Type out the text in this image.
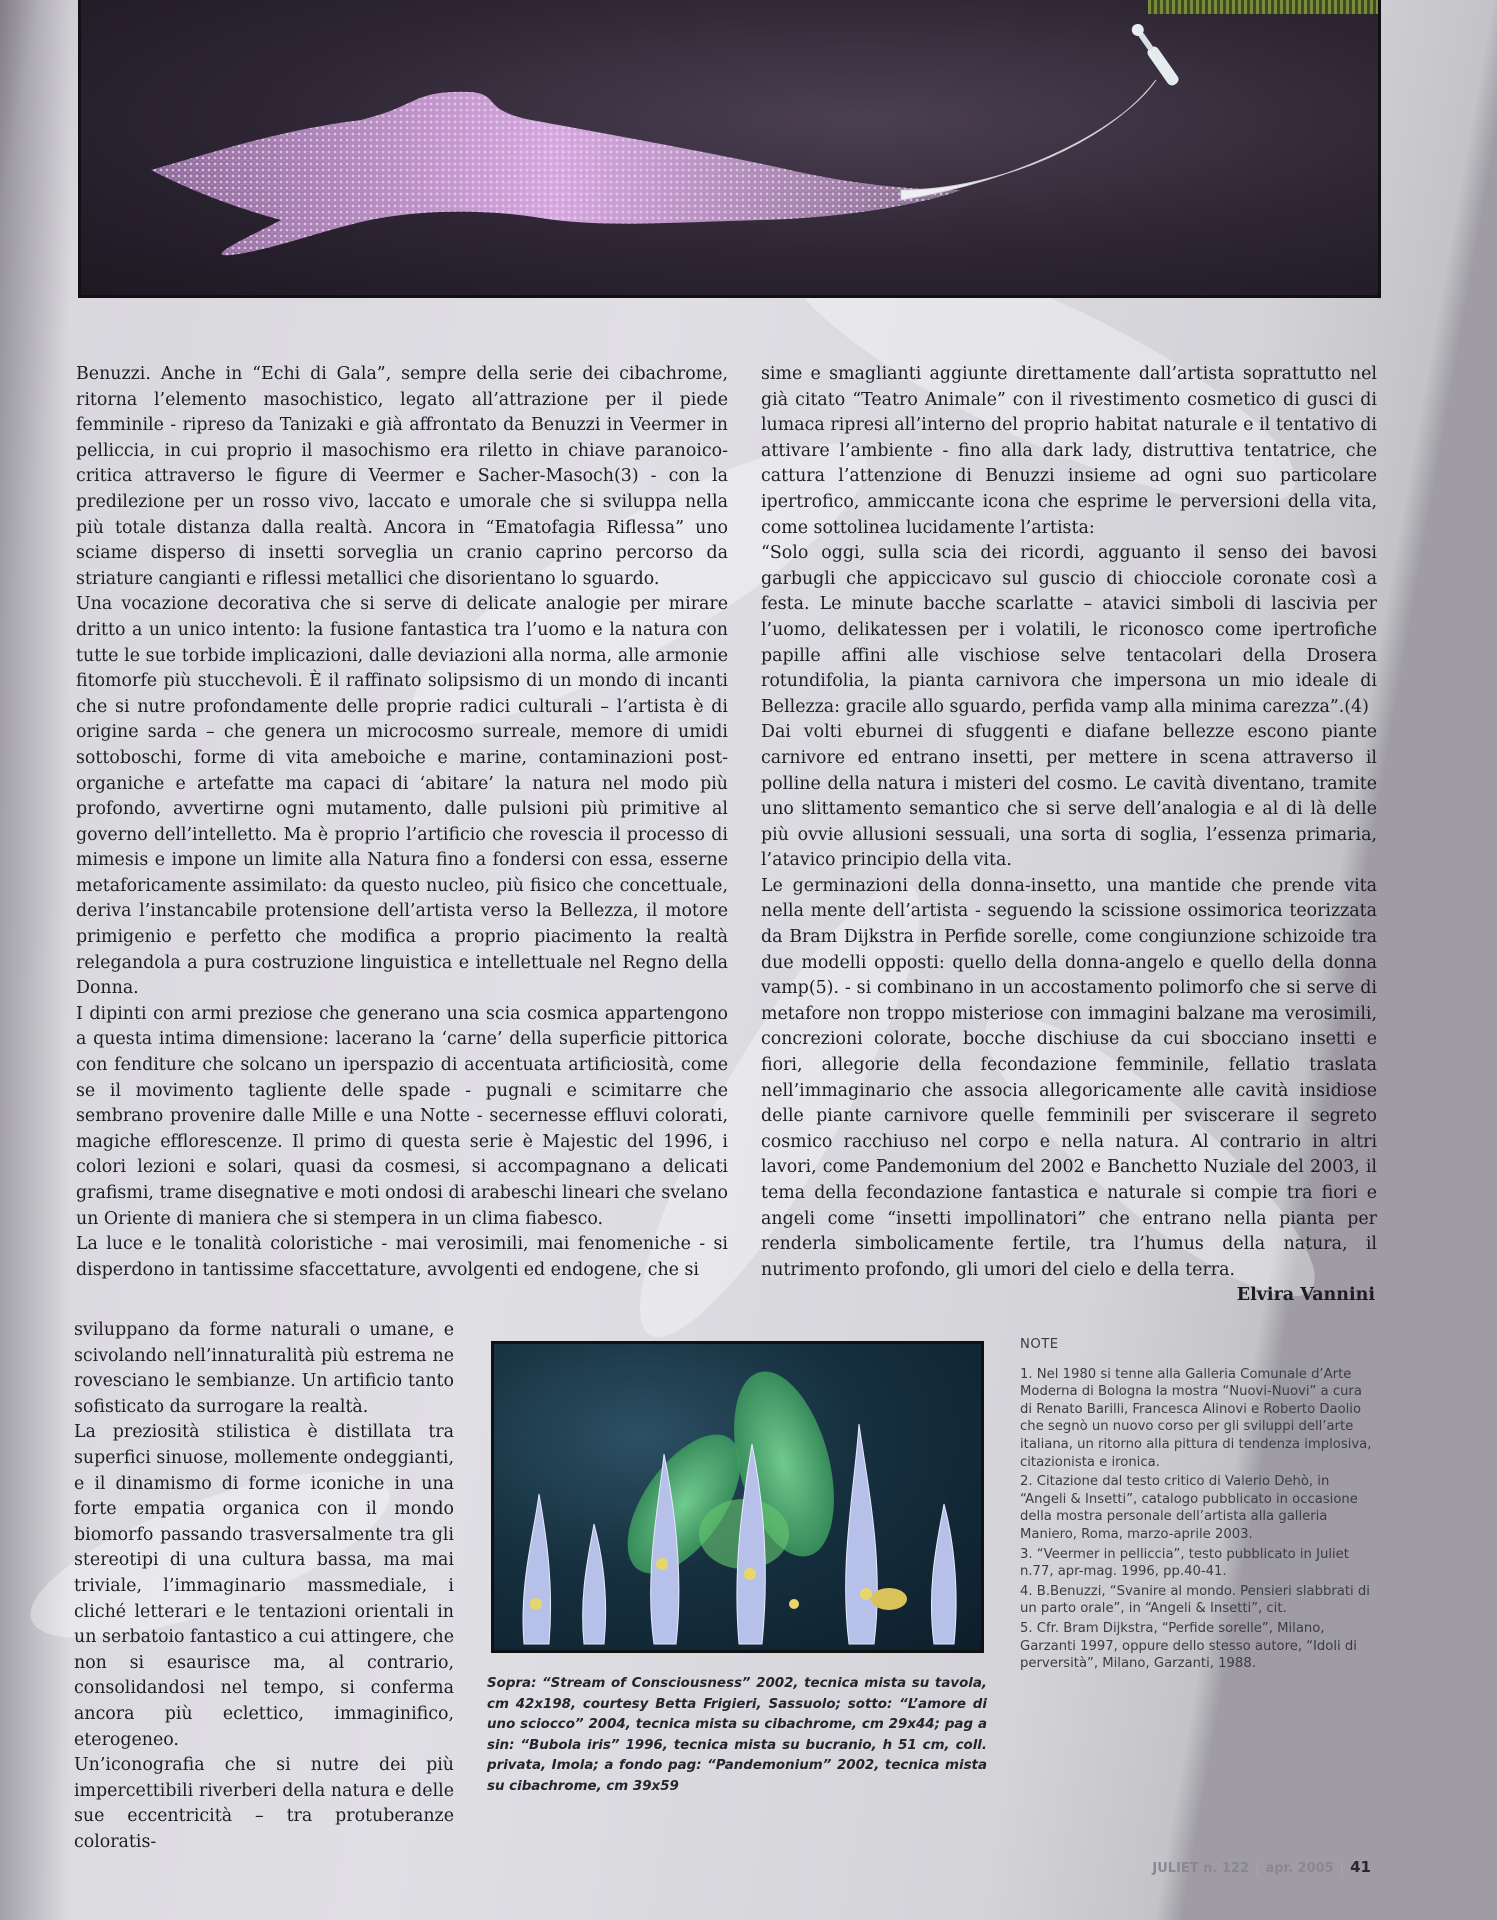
Benuzzi. Anche in “Echi di Gala”, sempre della serie dei cibachrome, ritorna l’elemento masochistico, legato all’attrazione per il piede femminile - ripreso da Tanizaki e già affrontato da Benuzzi in Veermer in pelliccia, in cui proprio il masochismo era riletto in chiave paranoico-critica attraverso le figure di Veermer e Sacher-Masoch(3) - con la predilezione per un rosso vivo, laccato e umorale che si sviluppa nella più totale distanza dalla realtà. Ancora in “Ematofagia Riflessa” uno sciame disperso di insetti sorveglia un cranio caprino percorso da striature cangianti e riflessi metallici che disorientano lo sguardo.

Una vocazione decorativa che si serve di delicate analogie per mirare dritto a un unico intento: la fusione fantastica tra l’uomo e la natura con tutte le sue torbide implicazioni, dalle deviazioni alla norma, alle armonie fitomorfe più stucchevoli. È il raffinato solipsismo di un mondo di incanti che si nutre profondamente delle proprie radici culturali – l’artista è di origine sarda – che genera un microcosmo surreale, memore di umidi sottoboschi, forme di vita ameboiche e marine, contaminazioni post-organiche e artefatte ma capaci di ‘abitare’ la natura nel modo più profondo, avvertirne ogni mutamento, dalle pulsioni più primitive al governo dell’intelletto. Ma è proprio l’artificio che rovescia il processo di mimesis e impone un limite alla Natura fino a fondersi con essa, esserne metaforicamente assimilato: da questo nucleo, più fisico che concettuale, deriva l’instancabile protensione dell’artista verso la Bellezza, il motore primigenio e perfetto che modifica a proprio piacimento la realtà relegandola a pura costruzione linguistica e intellettuale nel Regno della Donna.

I dipinti con armi preziose che generano una scia cosmica appartengono a questa intima dimensione: lacerano la ‘carne’ della superficie pittorica con fenditure che solcano un iperspazio di accentuata artificiosità, come se il movimento tagliente delle spade - pugnali e scimitarre che sembrano provenire dalle Mille e una Notte - secernesse effluvi colorati, magiche efflorescenze. Il primo di questa serie è Majestic del 1996, i colori lezioni e solari, quasi da cosmesi, si accompagnano a delicati grafismi, trame disegnative e moti ondosi di arabeschi lineari che svelano un Oriente di maniera che si stempera in un clima fiabesco.

La luce e le tonalità coloristiche - mai verosimili, mai fenomeniche - si disperdono in tantissime sfaccettature, avvolgenti ed endogene, che si

sviluppano da forme naturali o umane, e scivolando nell’innaturalità più estrema ne rovesciano le sembianze. Un artificio tanto sofisticato da surrogare la realtà.

La preziosità stilistica è distillata tra superfici sinuose, mollemente ondeggianti, e il dinamismo di forme iconiche in una forte empatia organica con il mondo biomorfo passando trasversalmente tra gli stereotipi di una cultura bassa, ma mai triviale, l’immaginario massmediale, i cliché letterari e le tentazioni orientali in un serbatoio fantastico a cui attingere, che non si esaurisce ma, al contrario, consolidandosi nel tempo, si conferma ancora più eclettico, immaginifico, eterogeneo.

Un’iconografia che si nutre dei più impercettibili riverberi della natura e delle sue eccentricità – tra protuberanze coloratis-

sime e smaglianti aggiunte direttamente dall’artista soprattutto nel già citato “Teatro Animale” con il rivestimento cosmetico di gusci di lumaca ripresi all’interno del proprio habitat naturale e il tentativo di attivare l’ambiente - fino alla dark lady, distruttiva tentatrice, che cattura l’attenzione di Benuzzi insieme ad ogni suo particolare ipertrofico, ammiccante icona che esprime le perversioni della vita, come sottolinea lucidamente l’artista:

“Solo oggi, sulla scia dei ricordi, agguanto il senso dei bavosi garbugli che appiccicavo sul guscio di chiocciole coronate così a festa. Le minute bacche scarlatte – atavici simboli di lascivia per l’uomo, delikatessen per i volatili, le riconosco come ipertrofiche papille affini alle vischiose selve tentacolari della Drosera rotundifolia, la pianta carnivora che impersona un mio ideale di Bellezza: gracile allo sguardo, perfida vamp alla minima carezza”.(4)

Dai volti eburnei di sfuggenti e diafane bellezze escono piante carnivore ed entrano insetti, per mettere in scena attraverso il polline della natura i misteri del cosmo. Le cavità diventano, tramite uno slittamento semantico che si serve dell’analogia e al di là delle più ovvie allusioni sessuali, una sorta di soglia, l’essenza primaria, l’atavico principio della vita.

Le germinazioni della donna-insetto, una mantide che prende vita nella mente dell’artista - seguendo la scissione ossimorica teorizzata da Bram Dijkstra in Perfide sorelle, come congiunzione schizoide tra due modelli opposti: quello della donna-angelo e quello della donna vamp(5). - si combinano in un accostamento polimorfo che si serve di metafore non troppo misteriose con immagini balzane ma verosimili, concrezioni colorate, bocche dischiuse da cui sbocciano insetti e fiori, allegorie della fecondazione femminile, fellatio traslata nell’immaginario che associa allegoricamente alle cavità insidiose delle piante carnivore quelle femminili per sviscerare il segreto cosmico racchiuso nel corpo e nella natura. Al contrario in altri lavori, come Pandemonium del 2002 e Banchetto Nuziale del 2003, il tema della fecondazione fantastica e naturale si compie tra fiori e angeli come “insetti impollinatori” che entrano nella pianta per renderla simbolicamente fertile, tra l’humus della natura, il nutrimento profondo, gli umori del cielo e della terra.

Elvira Vannini
Sopra: “Stream of Consciousness” 2002, tecnica mista su tavola, cm 42x198, courtesy Betta Frigieri, Sassuolo; sotto: “L’amore di uno sciocco” 2004, tecnica mista su cibachrome, cm 29x44; pag a sin: “Bubola iris” 1996, tecnica mista su bucranio, h 51 cm, coll. privata, Imola; a fondo pag: “Pandemonium” 2002, tecnica mista su cibachrome, cm 39x59
NOTE

1. Nel 1980 si tenne alla Galleria Comunale d’Arte Moderna di Bologna la mostra “Nuovi-Nuovi” a cura di Renato Barilli, Francesca Alinovi e Roberto Daolio che segnò un nuovo corso per gli sviluppi dell’arte italiana, un ritorno alla pittura di tendenza implosiva, citazionista e ironica.

2. Citazione dal testo critico di Valerio Dehò, in “Angeli & Insetti”, catalogo pubblicato in occasione della mostra personale dell’artista alla galleria Maniero, Roma, marzo-aprile 2003.

3. “Veermer in pelliccia”, testo pubblicato in Juliet n.77, apr-mag. 1996, pp.40-41.

4. B.Benuzzi, “Svanire al mondo. Pensieri slabbrati di un parto orale”, in “Angeli & Insetti”, cit.

5. Cfr. Bram Dijkstra, “Perfide sorelle”, Milano, Garzanti 1997, oppure dello stesso autore, “Idoli di perversità”, Milano, Garzanti, 1988.

JULIET n. 122 | apr. 2005 | 41
